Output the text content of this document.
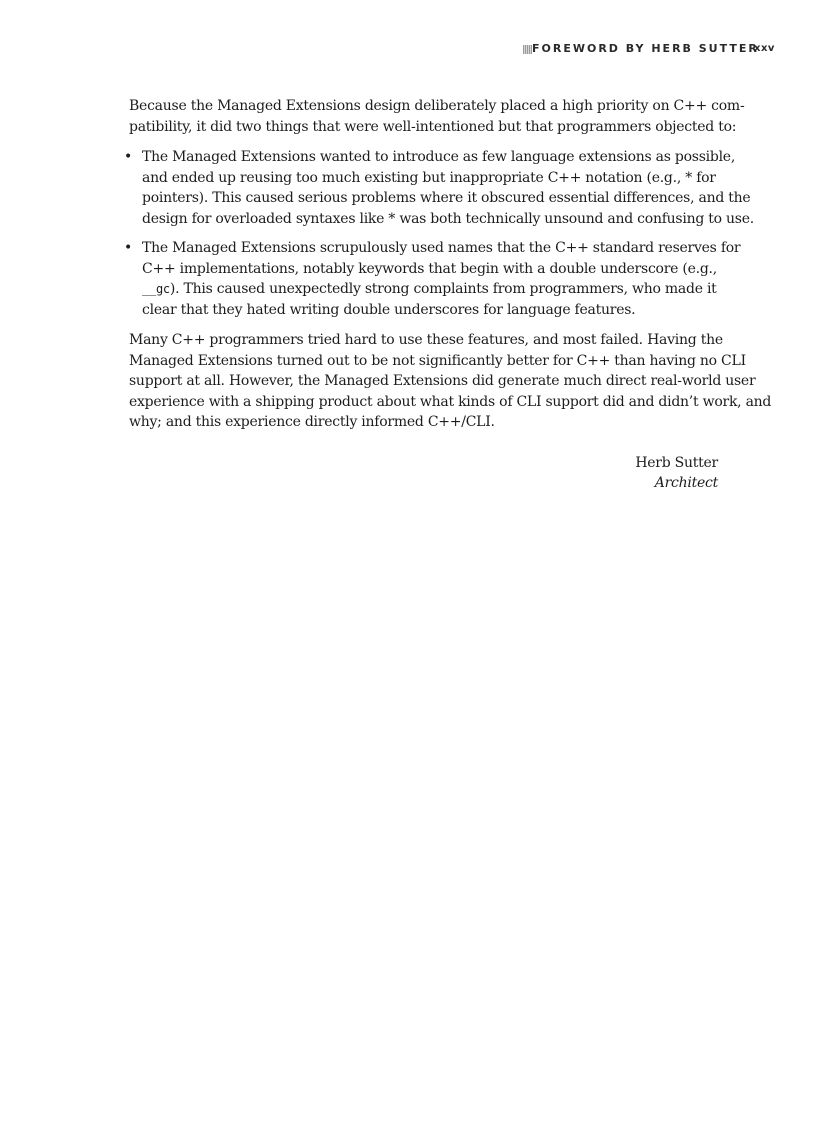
FOREWORD BY HERB SUTTER
xxv

Because the Managed Extensions design deliberately placed a high priority on C++ com-
patibility, it did two things that were well-intentioned but that programmers objected to:

• The Managed Extensions wanted to introduce as few language extensions as possible,
and ended up reusing too much existing but inappropriate C++ notation (e.g., * for
pointers). This caused serious problems where it obscured essential differences, and the
design for overloaded syntaxes like * was both technically unsound and confusing to use.
• The Managed Extensions scrupulously used names that the C++ standard reserves for
C++ implementations, notably keywords that begin with a double underscore (e.g.,
__gc). This caused unexpectedly strong complaints from programmers, who made it
clear that they hated writing double underscores for language features.

Many C++ programmers tried hard to use these features, and most failed. Having the
Managed Extensions turned out to be not significantly better for C++ than having no CLI
support at all. However, the Managed Extensions did generate much direct real-world user
experience with a shipping product about what kinds of CLI support did and didn’t work, and
why; and this experience directly informed C++/CLI.

Herb Sutter
Architect
